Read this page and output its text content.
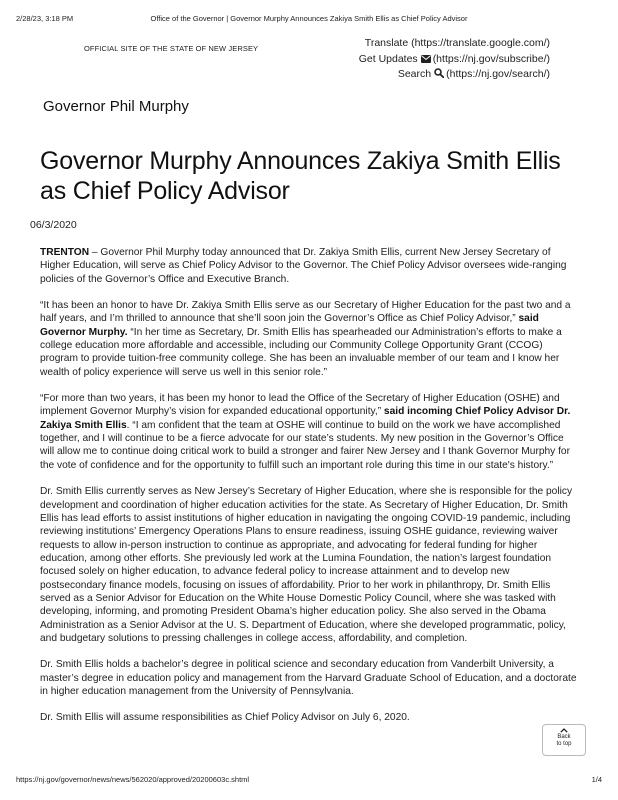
2/28/23, 3:18 PM	Office of the Governor | Governor Murphy Announces Zakiya Smith Ellis as Chief Policy Advisor
OFFICIAL SITE OF THE STATE OF NEW JERSEY	Translate (https://translate.google.com/)
Get Updates (https://nj.gov/subscribe/)
Search (https://nj.gov/search/)
Governor Phil Murphy
Governor Murphy Announces Zakiya Smith Ellis as Chief Policy Advisor
06/3/2020

TRENTON – Governor Phil Murphy today announced that Dr. Zakiya Smith Ellis, current New Jersey Secretary of Higher Education, will serve as Chief Policy Advisor to the Governor. The Chief Policy Advisor oversees wide-ranging policies of the Governor’s Office and Executive Branch.

“It has been an honor to have Dr. Zakiya Smith Ellis serve as our Secretary of Higher Education for the past two and a half years, and I’m thrilled to announce that she’ll soon join the Governor’s Office as Chief Policy Advisor,” said Governor Murphy. “In her time as Secretary, Dr. Smith Ellis has spearheaded our Administration’s efforts to make a college education more affordable and accessible, including our Community College Opportunity Grant (CCOG) program to provide tuition-free community college. She has been an invaluable member of our team and I know her wealth of policy experience will serve us well in this senior role.”

“For more than two years, it has been my honor to lead the Office of the Secretary of Higher Education (OSHE) and implement Governor Murphy’s vision for expanded educational opportunity,” said incoming Chief Policy Advisor Dr. Zakiya Smith Ellis. “I am confident that the team at OSHE will continue to build on the work we have accomplished together, and I will continue to be a fierce advocate for our state’s students. My new position in the Governor’s Office will allow me to continue doing critical work to build a stronger and fairer New Jersey and I thank Governor Murphy for the vote of confidence and for the opportunity to fulfill such an important role during this time in our state's history.”

Dr. Smith Ellis currently serves as New Jersey’s Secretary of Higher Education, where she is responsible for the policy development and coordination of higher education activities for the state. As Secretary of Higher Education, Dr. Smith Ellis has lead efforts to assist institutions of higher education in navigating the ongoing COVID-19 pandemic, including reviewing institutions’ Emergency Operations Plans to ensure readiness, issuing OSHE guidance, reviewing waiver requests to allow in-person instruction to continue as appropriate, and advocating for federal funding for higher education, among other efforts. She previously led work at the Lumina Foundation, the nation’s largest foundation focused solely on higher education, to advance federal policy to increase attainment and to develop new postsecondary finance models, focusing on issues of affordability. Prior to her work in philanthropy, Dr. Smith Ellis served as a Senior Advisor for Education on the White House Domestic Policy Council, where she was tasked with developing, informing, and promoting President Obama’s higher education policy. She also served in the Obama Administration as a Senior Advisor at the U. S. Department of Education, where she developed programmatic, policy, and budgetary solutions to pressing challenges in college access, affordability, and completion.

Dr. Smith Ellis holds a bachelor’s degree in political science and secondary education from Vanderbilt University, a master’s degree in education policy and management from the Harvard Graduate School of Education, and a doctorate in higher education management from the University of Pennsylvania.

Dr. Smith Ellis will assume responsibilities as Chief Policy Advisor on July 6, 2020.

Back
to top
https://nj.gov/governor/news/news/562020/approved/20200603c.shtml	1/4
